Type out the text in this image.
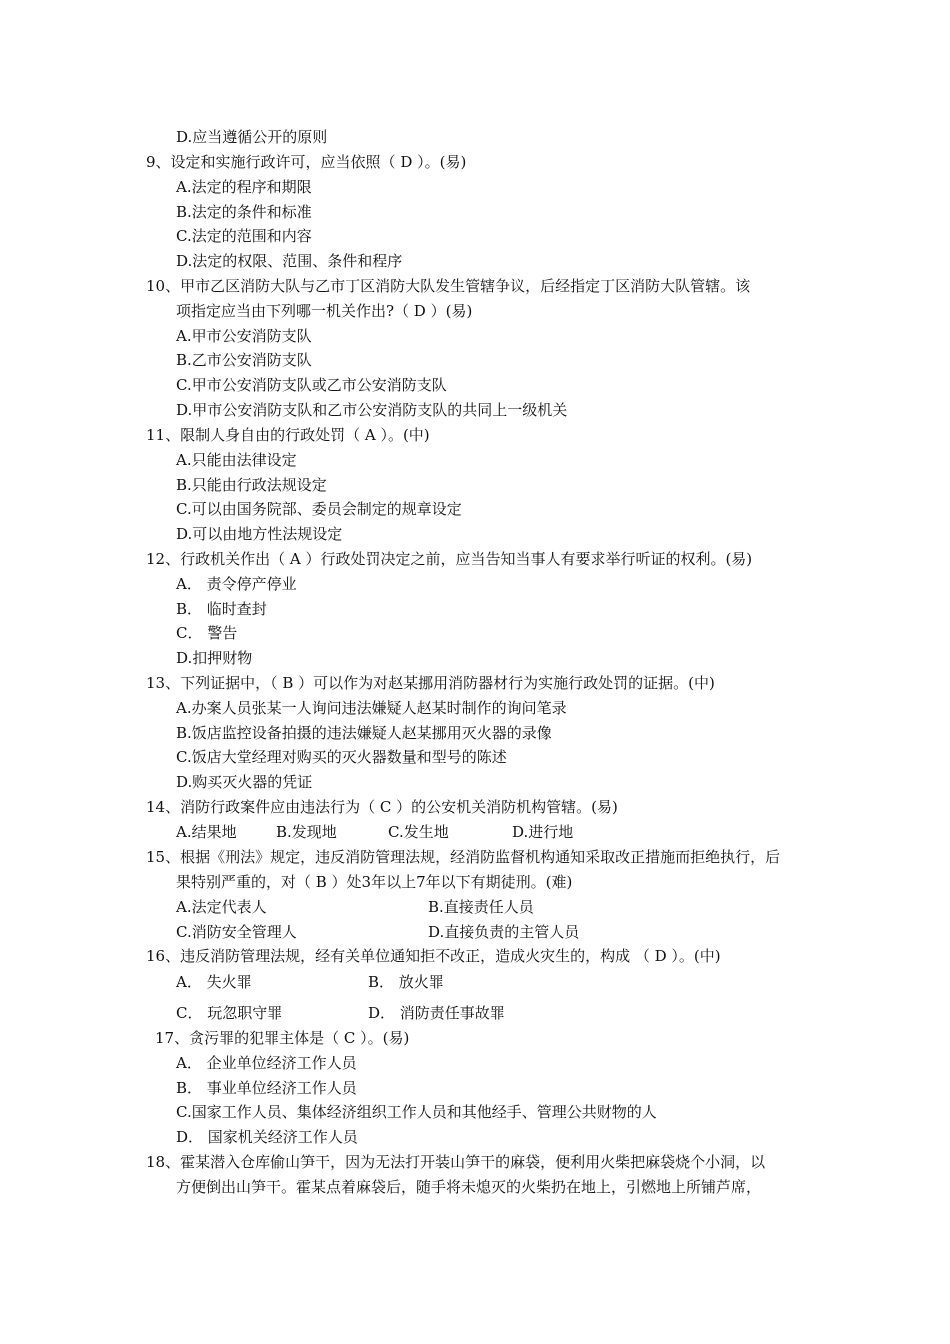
D.应当遵循公开的原则
9、设定和实施行政许可，应当依照（ D ）。(易)
A.法定的程序和期限
B.法定的条件和标准
C.法定的范围和内容
D.法定的权限、范围、条件和程序
10、甲市乙区消防大队与乙市丁区消防大队发生管辖争议，后经指定丁区消防大队管辖。该
项指定应当由下列哪一机关作出?（ D ）(易)
A.甲市公安消防支队
B.乙市公安消防支队
C.甲市公安消防支队或乙市公安消防支队
D.甲市公安消防支队和乙市公安消防支队的共同上一级机关
11、限制人身自由的行政处罚（ A ）。(中)
A.只能由法律设定
B.只能由行政法规设定
C.可以由国务院部、委员会制定的规章设定
D.可以由地方性法规设定
12、行政机关作出（ A ）行政处罚决定之前，应当告知当事人有要求举行听证的权利。(易)
A． 责令停产停业
B． 临时查封
C． 警告
D.扣押财物
13、下列证据中，（ B ）可以作为对赵某挪用消防器材行为实施行政处罚的证据。(中)
A.办案人员张某一人询问违法嫌疑人赵某时制作的询问笔录
B.饭店监控设备拍摄的违法嫌疑人赵某挪用灭火器的录像
C.饭店大堂经理对购买的灭火器数量和型号的陈述
D.购买灭火器的凭证
14、消防行政案件应由违法行为（ C ）的公安机关消防机构管辖。(易)
A.结果地	B.发现地	C.发生地	D.进行地
15、根据《刑法》规定，违反消防管理法规，经消防监督机构通知采取改正措施而拒绝执行，后
果特别严重的，对（ B ）处3年以上7年以下有期徒刑。(难)
A.法定代表人	B.直接责任人员
C.消防安全管理人	D.直接负责的主管人员
16、违反消防管理法规，经有关单位通知拒不改正，造成火灾生的，构成 （ D ）。(中)
A． 失火罪	B． 放火罪
C． 玩忽职守罪	D． 消防责任事故罪
17、贪污罪的犯罪主体是（ C ）。(易)
A． 企业单位经济工作人员
B． 事业单位经济工作人员
C.国家工作人员、集体经济组织工作人员和其他经手、管理公共财物的人
D． 国家机关经济工作人员
18、霍某潜入仓库偷山笋干，因为无法打开装山笋干的麻袋，便利用火柴把麻袋烧个小洞，以
方便倒出山笋干。霍某点着麻袋后，随手将未熄灭的火柴扔在地上，引燃地上所铺芦席，
